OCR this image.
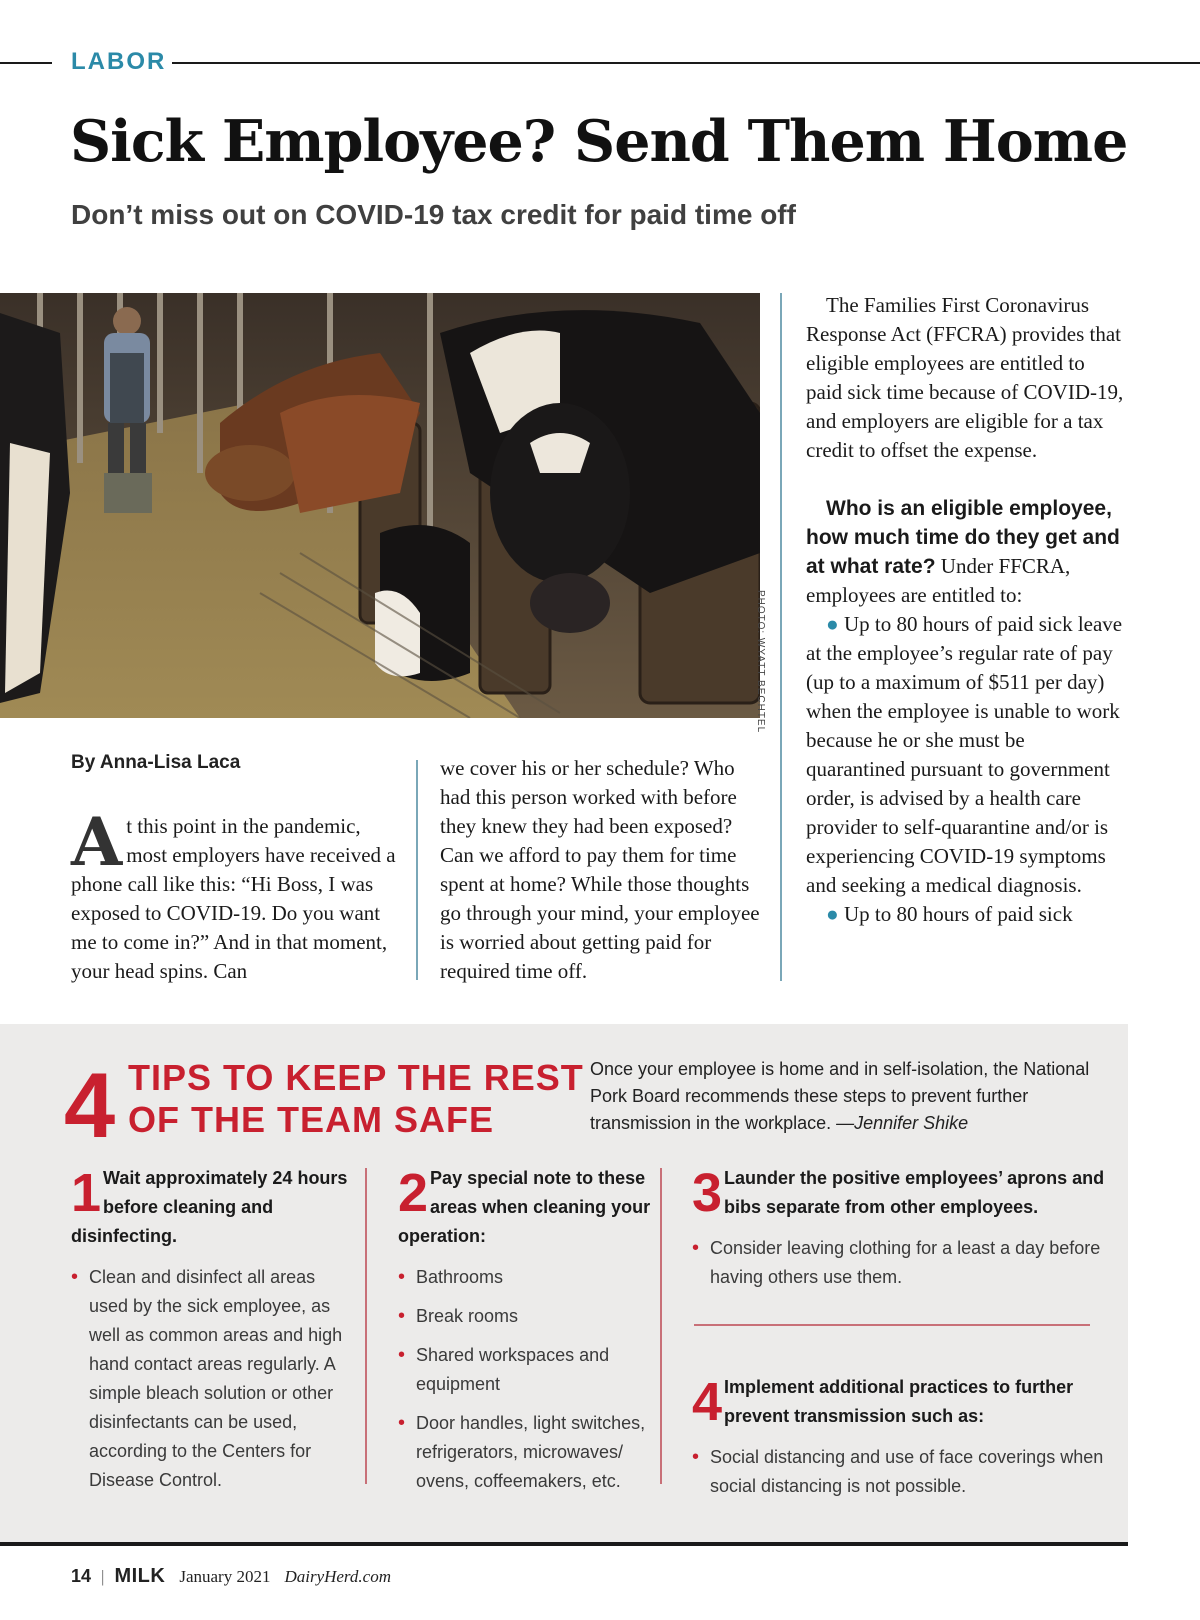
LABOR
Sick Employee? Send Them Home
Don’t miss out on COVID-19 tax credit for paid time off
PHOTO: WYATT BECHTEL
By Anna-Lisa Laca

At this point in the pandemic, most employers have received a phone call like this: “Hi Boss, I was exposed to COVID-19. Do you want me to come in?” And in that moment, your head spins. Can

we cover his or her schedule? Who had this person worked with before they knew they had been exposed? Can we afford to pay them for time spent at home? While those thoughts go through your mind, your employee is worried about getting paid for required time off.

The Families First Coronavirus Response Act (FFCRA) provides that eligible employees are entitled to paid sick time because of COVID-19, and employers are eligible for a tax credit to offset the expense.

Who is an eligible employee, how much time do they get and at what rate? Under FFCRA, employees are entitled to:

● Up to 80 hours of paid sick leave at the employee’s regular rate of pay (up to a maximum of $511 per day) when the employee is unable to work because he or she must be quarantined pursuant to government order, is advised by a health care provider to self-quarantine and/or is experiencing COVID-19 symptoms and seeking a medical diagnosis.

● Up to 80 hours of paid sick

4 TIPS TO KEEP THE REST
OF THE TEAM SAFE
Once your employee is home and in self-isolation, the National Pork Board recommends these steps to prevent further transmission in the workplace. —Jennifer Shike
1 Wait approximately 24 hours before cleaning and disinfecting.
• Clean and disinfect all areas used by the sick employee, as well as common areas and high hand contact areas regularly. A simple bleach solution or other disinfectants can be used, according to the Centers for Disease Control.
2 Pay special note to these areas when cleaning your operation:
• Bathrooms
• Break rooms
• Shared workspaces and equipment
• Door handles, light switches, refrigerators, microwaves/ ovens, coffeemakers, etc.
3 Launder the positive employees’ aprons and bibs separate from other employees.
• Consider leaving clothing for a least a day before having others use them.
4 Implement additional practices to further prevent transmission such as:
• Social distancing and use of face coverings when social distancing is not possible.
14 | MILK January 2021 DairyHerd.com
